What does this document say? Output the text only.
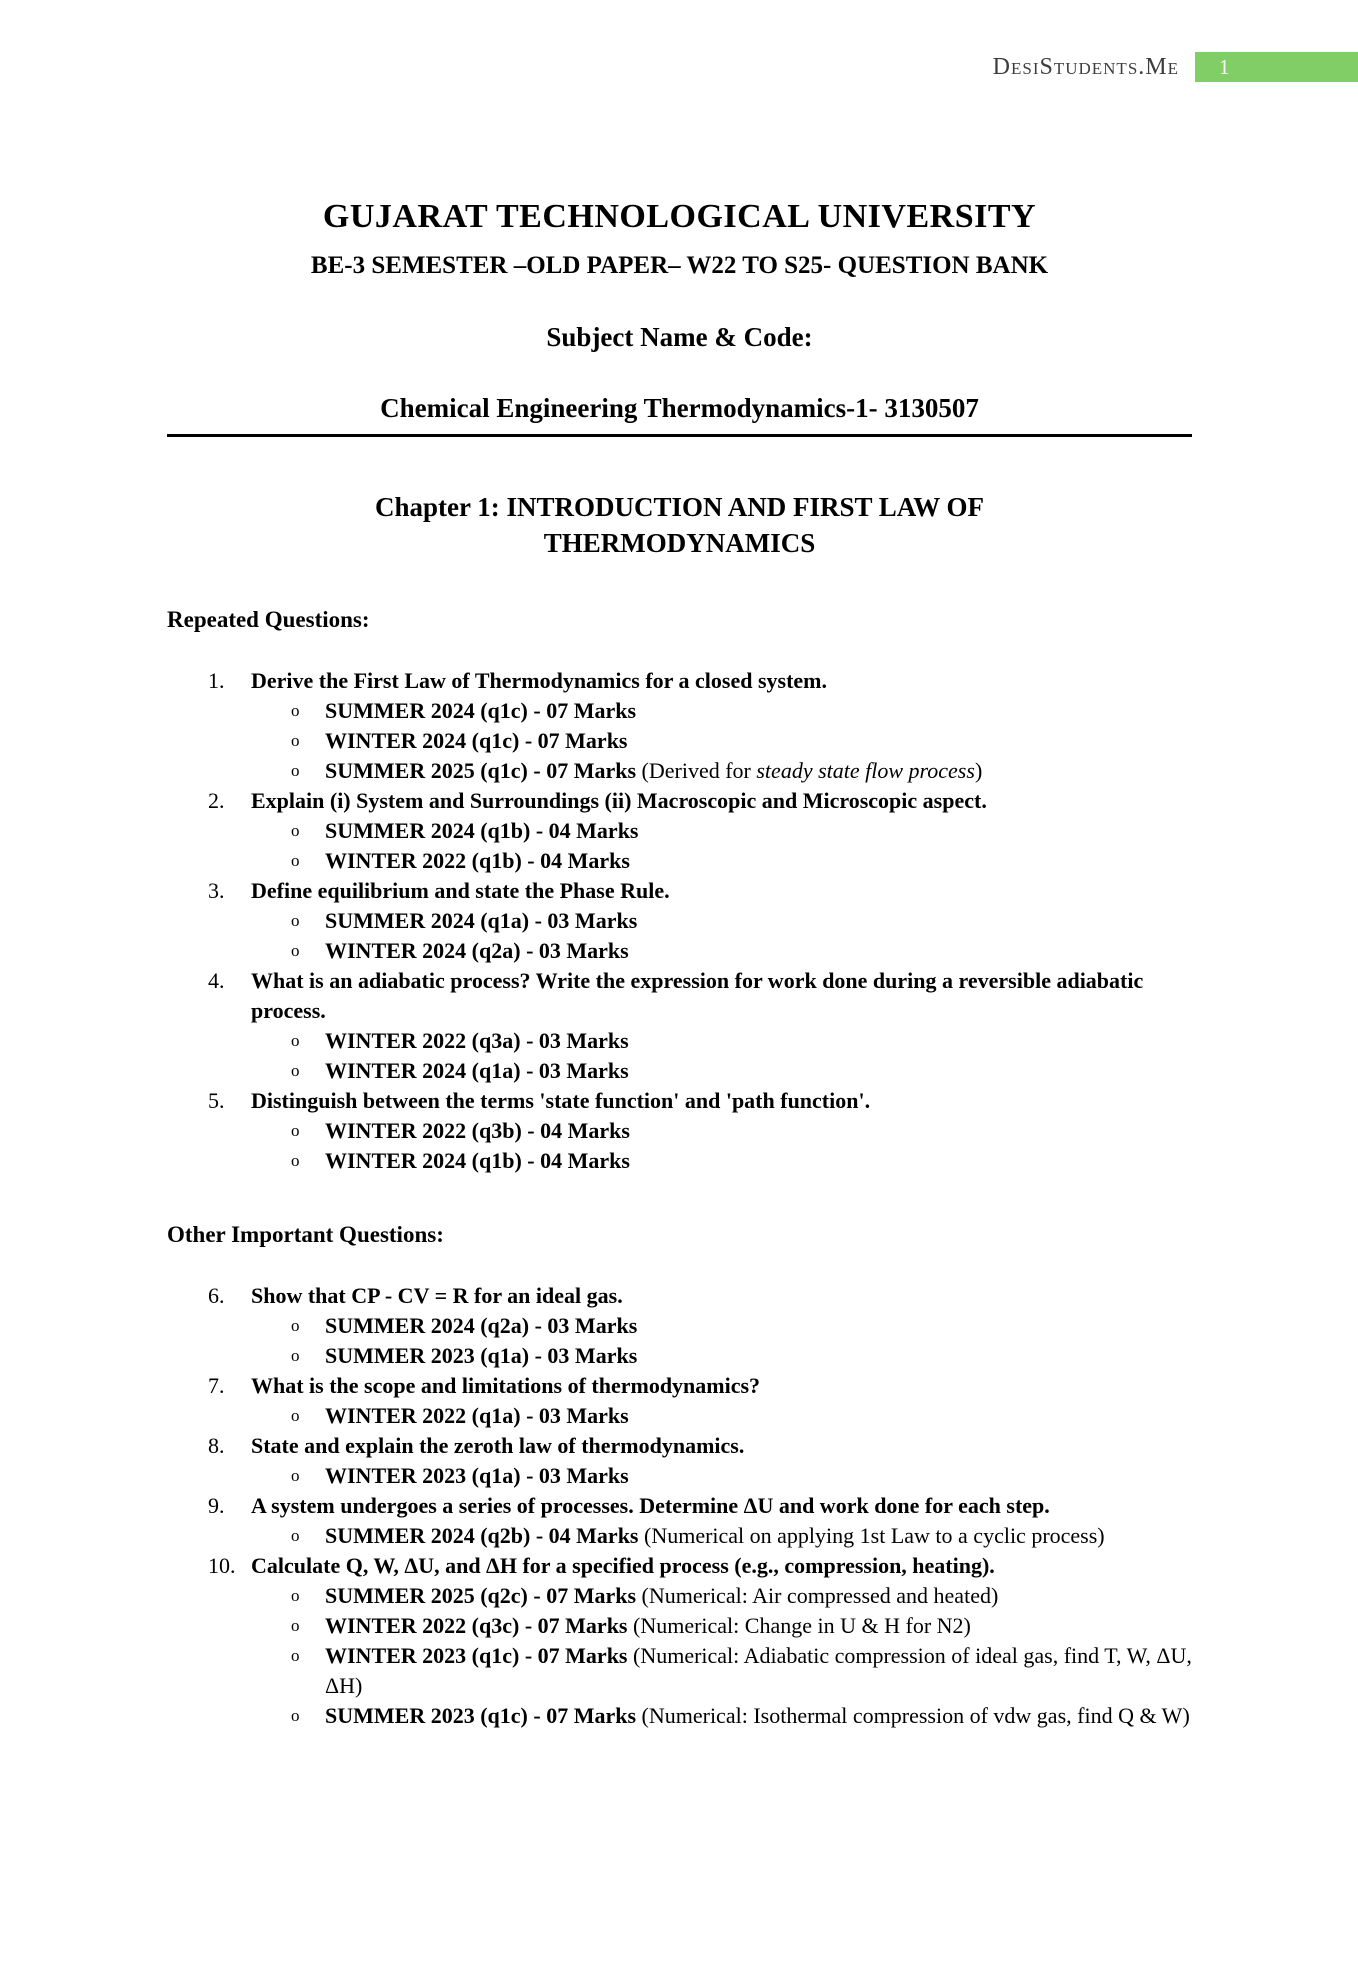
DesiStudents.Me 1
GUJARAT TECHNOLOGICAL UNIVERSITY
BE-3 SEMESTER –OLD PAPER– W22 TO S25- QUESTION BANK
Subject Name & Code:
Chemical Engineering Thermodynamics-1- 3130507
Chapter 1: INTRODUCTION AND FIRST LAW OF
THERMODYNAMICS
Repeated Questions:
1.	Derive the First Law of Thermodynamics for a closed system.
o	SUMMER 2024 (q1c) - 07 Marks
o	WINTER 2024 (q1c) - 07 Marks
o	SUMMER 2025 (q1c) - 07 Marks (Derived for steady state flow process)
2.	Explain (i) System and Surroundings (ii) Macroscopic and Microscopic aspect.
o	SUMMER 2024 (q1b) - 04 Marks
o	WINTER 2022 (q1b) - 04 Marks
3.	Define equilibrium and state the Phase Rule.
o	SUMMER 2024 (q1a) - 03 Marks
o	WINTER 2024 (q2a) - 03 Marks
4.	What is an adiabatic process? Write the expression for work done during a reversible adiabatic process.
o	WINTER 2022 (q3a) - 03 Marks
o	WINTER 2024 (q1a) - 03 Marks
5.	Distinguish between the terms 'state function' and 'path function'.
o	WINTER 2022 (q3b) - 04 Marks
o	WINTER 2024 (q1b) - 04 Marks
Other Important Questions:
6.	Show that CP - CV = R for an ideal gas.
o	SUMMER 2024 (q2a) - 03 Marks
o	SUMMER 2023 (q1a) - 03 Marks
7.	What is the scope and limitations of thermodynamics?
o	WINTER 2022 (q1a) - 03 Marks
8.	State and explain the zeroth law of thermodynamics.
o	WINTER 2023 (q1a) - 03 Marks
9.	A system undergoes a series of processes. Determine ΔU and work done for each step.
o	SUMMER 2024 (q2b) - 04 Marks (Numerical on applying 1st Law to a cyclic process)
10. Calculate Q, W, ΔU, and ΔH for a specified process (e.g., compression, heating).
o	SUMMER 2025 (q2c) - 07 Marks (Numerical: Air compressed and heated)
o	WINTER 2022 (q3c) - 07 Marks (Numerical: Change in U & H for N2)
o	WINTER 2023 (q1c) - 07 Marks (Numerical: Adiabatic compression of ideal gas, find T, W, ΔU, ΔH)
o	SUMMER 2023 (q1c) - 07 Marks (Numerical: Isothermal compression of vdw gas, find Q & W)
